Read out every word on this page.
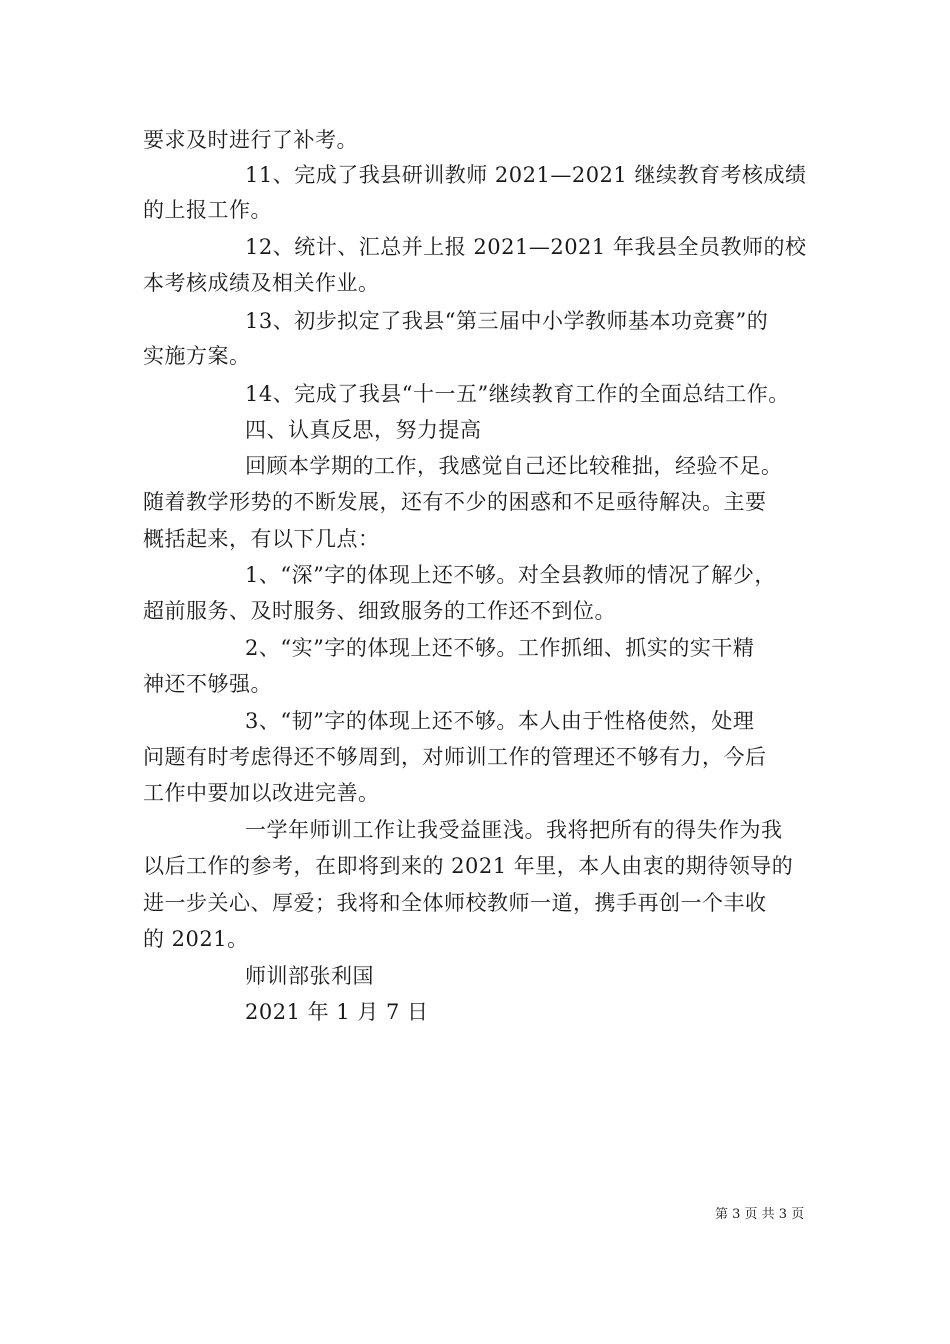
要求及时进行了补考。
11、完成了我县研训教师 2021—2021 继续教育考核成绩
的上报工作。
12、统计、汇总并上报 2021—2021 年我县全员教师的校
本考核成绩及相关作业。
13、初步拟定了我县“第三届中小学教师基本功竞赛”的
实施方案。
14、完成了我县“十一五”继续教育工作的全面总结工作。
四、认真反思，努力提高
回顾本学期的工作，我感觉自己还比较稚拙，经验不足。
随着教学形势的不断发展，还有不少的困惑和不足亟待解决。主要
概括起来，有以下几点：
1、“深”字的体现上还不够。对全县教师的情况了解少，
超前服务、及时服务、细致服务的工作还不到位。
2、“实”字的体现上还不够。工作抓细、抓实的实干精
神还不够强。
3、“韧”字的体现上还不够。本人由于性格使然，处理
问题有时考虑得还不够周到，对师训工作的管理还不够有力，今后
工作中要加以改进完善。
一学年师训工作让我受益匪浅。我将把所有的得失作为我
以后工作的参考，在即将到来的 2021 年里，本人由衷的期待领导的
进一步关心、厚爱；我将和全体师校教师一道，携手再创一个丰收
的 2021。
师训部张利国
2021 年 1 月 7 日
第 3 页 共 3 页
